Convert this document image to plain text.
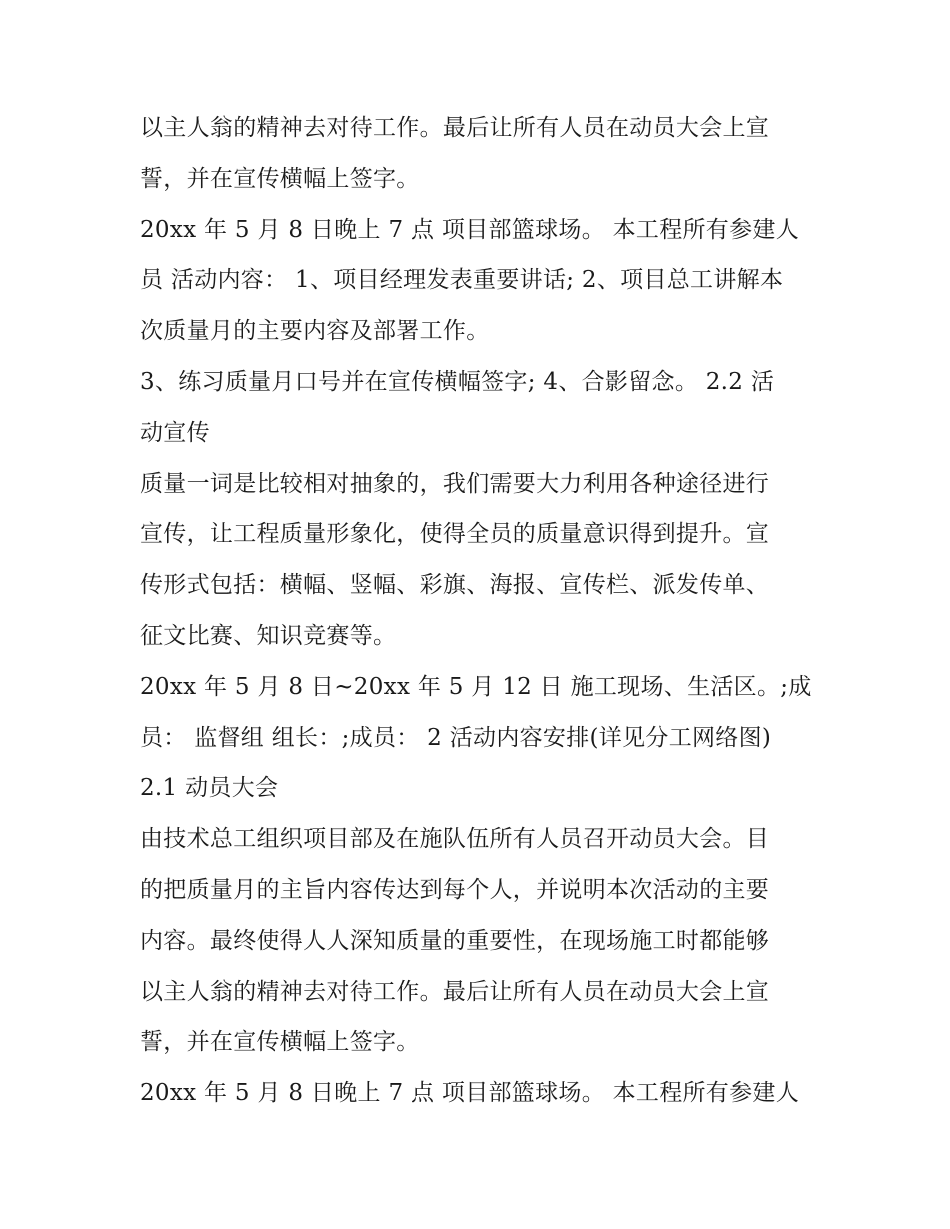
以主人翁的精神去对待工作。最后让所有人员在动员大会上宣
誓，并在宣传横幅上签字。
20xx 年 5 月 8 日晚上 7 点 项目部篮球场。 本工程所有参建人
员 活动内容： 1、项目经理发表重要讲话; 2、项目总工讲解本
次质量月的主要内容及部署工作。
3、练习质量月口号并在宣传横幅签字; 4、合影留念。 2.2 活
动宣传
质量一词是比较相对抽象的，我们需要大力利用各种途径进行
宣传，让工程质量形象化，使得全员的质量意识得到提升。宣
传形式包括：横幅、竖幅、彩旗、海报、宣传栏、派发传单、
征文比赛、知识竞赛等。
20xx 年 5 月 8 日~20xx 年 5 月 12 日 施工现场、生活区。;成
员： 监督组 组长：;成员： 2 活动内容安排(详见分工网络图)
2.1 动员大会
由技术总工组织项目部及在施队伍所有人员召开动员大会。目
的把质量月的主旨内容传达到每个人，并说明本次活动的主要
内容。最终使得人人深知质量的重要性，在现场施工时都能够
以主人翁的精神去对待工作。最后让所有人员在动员大会上宣
誓，并在宣传横幅上签字。
20xx 年 5 月 8 日晚上 7 点 项目部篮球场。 本工程所有参建人
